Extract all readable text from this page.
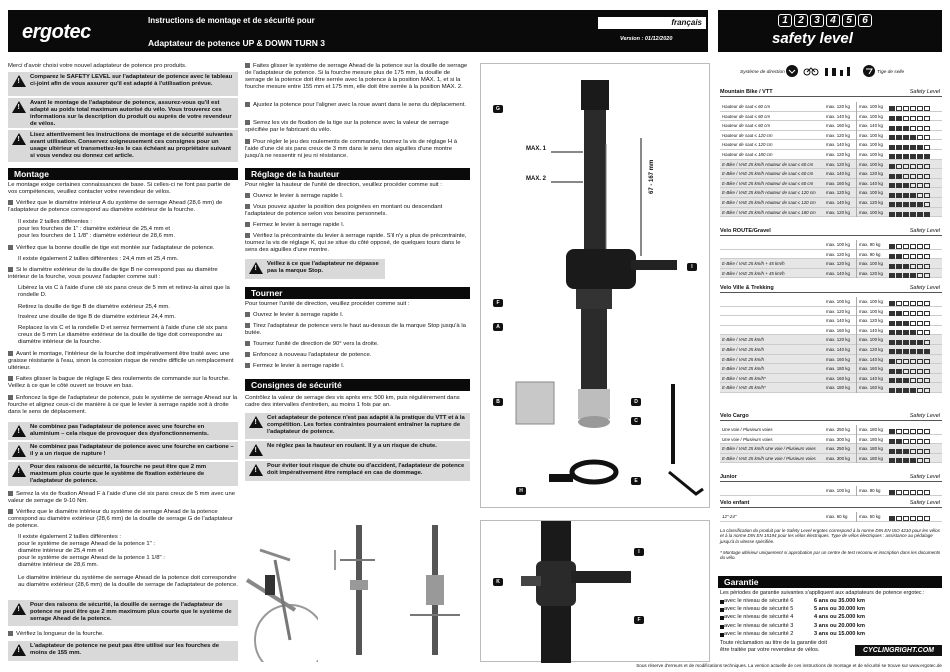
ergotec
Instructions de montage et de sécurité pour
Adaptateur de potence UP & DOWN TURN 3
français
Version : 01/12/2020
1	2	3	4	5	6
safety level
Système de direction	Tige de selle
Merci d'avoir choisi votre nouvel adaptateur de potence pro produits.
!
Comparez le SAFETY LEVEL sur l'adaptateur de potence avec le tableau ci-joint afin de vous assurer qu'il est adapté à l'utilisation prévue.
!
Avant le montage de l'adaptateur de potence, assurez-vous qu'il est adapté au poids total maximum autorisé du vélo. Vous trouverez ces informations sur la description du produit ou auprès de votre revendeur de vélos.
!
Lisez attentivement les instructions de montage et de sécurité suivantes avant utilisation. Conservez soigneusement ces consignes pour un usage ultérieur et transmettez-les le cas échéant au propriétaire suivant si vous vendez ou donnez cet article.
Montage
Le montage exige certaines connaissances de base. Si celles-ci ne font pas partie de vos compétences, veuillez contacter votre revendeur de vélos.
Vérifiez que le diamètre intérieur A du système de serrage Ahead (28,6 mm) de l'adaptateur de potence correspond au diamètre extérieur de la fourche.
Il existe 2 tailles différentes :
pour les fourches de 1" : diamètre extérieur de 25,4 mm et
pour les fourches de 1 1/8" : diamètre extérieur de 28,6 mm.
Vérifiez que la bonne douille de tige est montée sur l'adaptateur de potence.
Il existe également 2 tailles différentes : 24,4 mm et 25,4 mm.
Si le diamètre extérieur de la douille de tige B ne correspond pas au diamètre intérieur de la fourche, vous pouvez l'adapter comme suit :
Libérez la vis C à l'aide d'une clé six pans creux de 5 mm et retirez-la ainsi que la rondelle D.
Retirez la douille de tige B de diamètre extérieur 25,4 mm.
Insérez une douille de tige B de diamètre extérieur 24,4 mm.
Replacez la vis C et la rondelle D et serrez fermement à l'aide d'une clé six pans creux de 5 mm Le diamètre extérieur de la douille de tige doit correspondre au diamètre intérieur de la fourche.
Avant le montage, l'intérieur de la fourche doit impérativement être traité avec une graisse résistante à l'eau, sinon la corrosion risque de rendre difficile un remplacement ultérieur.
Faites glisser la bague de réglage E des roulements de commande sur la fourche. Veillez à ce que le côté ouvert se trouve en bas.
Enfoncez la tige de l'adaptateur de potence, puis le système de serrage Ahead sur la fourche et alignez ceux-ci de manière à ce que le levier à serrage rapide soit à droite dans le sens de déplacement.
!
Ne combinez pas l'adaptateur de potence avec une fourche en aluminium – cela risque de provoquer des dysfonctionnements.
!
Ne combinez pas l'adaptateur de potence avec une fourche en carbone – il y a un risque de rupture !
!
Pour des raisons de sécurité, la fourche ne peut être que 2 mm maximum plus courte que le système de fixation extérieure de l'adaptateur de potence.
Serrez la vis de fixation Ahead F à l'aide d'une clé six pans creux de 5 mm avec une valeur de serrage de 9-10 Nm.
Vérifiez que le diamètre intérieur du système de serrage Ahead de la potence correspond au diamètre extérieur (28,6 mm) de la douille de serrage G de l'adaptateur de potence.
Il existe également 2 tailles différentes :
pour le système de serrage Ahead de la potence 1" :
diamètre intérieur de 25,4 mm et
pour le système de serrage Ahead de la potence 1 1/8" :
diamètre intérieur de 28,6 mm.
Le diamètre intérieur du système de serrage Ahead de la potence doit correspondre au diamètre extérieur (28,6 mm) de la douille de serrage de l'adaptateur de potence.
!
Pour des raisons de sécurité, la douille de serrage de l'adaptateur de potence ne peut être que 2 mm maximum plus courte que le système de serrage Ahead de la potence.
Vérifiez la longueur de la fourche.
!
L'adaptateur de potence ne peut pas être utilisé sur les fourches de moins de 155 mm.
Faites glisser le système de serrage Ahead de la potence sur la douille de serrage de l'adaptateur de potence. Si la fourche mesure plus de 175 mm, la douille de serrage de la potence doit être serrée avec la potence à la position MAX. 1, et si la fourche mesure entre 155 mm et 175 mm, elle doit être serrée à la position MAX. 2.
Ajustez la potence pour l'aligner avec la roue avant dans le sens du déplacement.
Serrez les vis de fixation de la tige sur la potence avec la valeur de serrage spécifiée par le fabricant du vélo.
Pour régler le jeu des roulements de commande, tournez la vis de réglage H à l'aide d'une clé six pans creux de 3 mm dans le sens des aiguilles d'une montre jusqu'à ne ressentir ni jeu ni résistance.
Réglage de la hauteur
Pour régler la hauteur de l'unité de direction, veuillez procéder comme suit :
Ouvrez le levier à serrage rapide I.
Vous pouvez ajuster la position des poignées en montant ou descendant l'adaptateur de potence selon vos besoins personnels.
Fermez le levier à serrage rapide I.
Vérifiez la précontrainte du levier à serrage rapide. S'il n'y a plus de précontrainte, tournez la vis de réglage K, qui se situe du côté opposé, de quelques tours dans le sens des aiguilles d'une montre.
!
Veillez à ce que l'adaptateur ne dépasse pas la marque Stop.
Tourner
Pour tourner l'unité de direction, veuillez procéder comme suit :
Ouvrez le levier à serrage rapide I.
Tirez l'adaptateur de potence vers le haut au-dessus de la marque Stop jusqu'à la butée.
Tournez l'unité de direction de 90° vers la droite.
Enfoncez à nouveau l'adaptateur de potence.
Fermez le levier à serrage rapide I.
Consignes de sécurité
Contrôlez la valeur de serrage des vis après env. 500 km, puis régulièrement dans cadre des intervalles d'entretien, au moins 1 fois par an.
!
Cet adaptateur de potence n'est pas adapté à la pratique du VTT et à la compétition. Les fortes contraintes pourraient entraîner la rupture de l'adaptateur de potence.
!
Ne réglez pas la hauteur en roulant. Il y a un risque de chute.
!
Pour éviter tout risque de chute ou d'accident, l'adaptateur de potence doit impérativement être remplacé en cas de dommage.
MAX. 1
MAX. 2	67 - 167 mm
G
I
F
A
B
C
D
E
H
I
K
F
Mountain Bike / VTT	Safety Level
Hauteur de saut ≤ 60 cm	max. 120 kg	max. 100 kg
Hauteur de saut ≤ 60 cm	max. 140 kg	max. 100 kg
Hauteur de saut ≤ 60 cm	max. 160 kg	max. 140 kg
Hauteur de saut ≤ 120 cm	max. 120 kg	max. 100 kg
Hauteur de saut ≤ 120 cm	max. 140 kg	max. 100 kg
Hauteur de saut ≤ 180 cm	max. 120 kg	max. 100 kg
E-Bike / VAE 25 km/h Hauteur de saut ≤ 60 cm	max. 120 kg	max. 100 kg
E-Bike / VAE 25 km/h Hauteur de saut ≤ 60 cm	max. 140 kg	max. 120 kg
E-Bike / VAE 25 km/h Hauteur de saut ≤ 60 cm	max. 160 kg	max. 140 kg
E-Bike / VAE 25 km/h Hauteur de saut ≤ 120 cm	max. 120 kg	max. 100 kg
E-Bike / VAE 25 km/h Hauteur de saut ≤ 120 cm	max. 140 kg	max. 120 kg
E-Bike / VAE 25 km/h Hauteur de saut ≤ 180 cm	max. 120 kg	max. 100 kg
Velo ROUTE/Gravel	Safety Level
max. 100 kg	max. 90 kg
max. 120 kg	max. 90 kg
E-Bike / VAE 25 km/h + 45 km/h	max. 120 kg	max. 100 kg
E-Bike / VAE 25 km/h + 45 km/h	max. 140 kg	max. 120 kg
Velo Ville & Trekking	Safety Level
max. 100 kg	max. 100 kg
max. 120 kg	max. 100 kg
max. 140 kg	max. 120 kg
max. 160 kg	max. 140 kg
E-Bike / VAE 25 km/h	max. 120 kg	max. 100 kg
E-Bike / VAE 25 km/h	max. 140 kg	max. 120 kg
E-Bike / VAE 25 km/h	max. 160 kg	max. 140 kg
E-Bike / VAE 25 km/h	max. 180 kg	max. 160 kg
E-Bike / VAE 45 km/h*	max. 160 kg	max. 140 kg
E-Bike / VAE 45 km/h*	max. 180 kg	max. 160 kg
Velo Cargo	Safety Level
Une voie / Plusieurs voies	max. 250 kg	max. 180 kg
Une voie / Plusieurs voies	max. 300 kg	max. 180 kg
E-Bike / VAE 25 km/h Une voie / Plusieurs voies	max. 250 kg	max. 180 kg
E-Bike / VAE 25 km/h Une voie / Plusieurs voies	max. 300 kg	max. 180 kg
Junior	Safety Level
max. 100 kg	max. 80 kg
Velo enfant	Safety Level
12"-24"	max. 60 kg	max. 50 kg
La classification du produit par le Safety Level ergotec correspond à la norme DIN EN ISO 4210 pour les vélos et à la norme DIN EN 15194 pour les vélos électriques. Type de vélos électriques : assistance au pédalage jusqu'à la vitesse spécifiée.
* Montage ultérieur uniquement si approbation par un centre de test reconnu et inscription dans les documents du vélo.
Garantie
Les périodes de garantie suivantes s'appliquent aux adaptateurs de potence ergotec :
avec le niveau de sécurité 6	6 ans ou 35.000 km
avec le niveau de sécurité 5	5 ans ou 30.000 km
avec le niveau de sécurité 4	4 ans ou 25.000 km
avec le niveau de sécurité 3	3 ans ou 20.000 km
avec le niveau de sécurité 2	3 ans ou 15.000 km
Toute réclamation au titre de la garantie doit
être traitée par votre revendeur de vélos.	CYCLINGRIGHT.COM
Sous réserve d'erreurs et de modifications techniques. La version actuelle de ces instructions de montage et de sécurité se trouve sur www.ergotec.de
